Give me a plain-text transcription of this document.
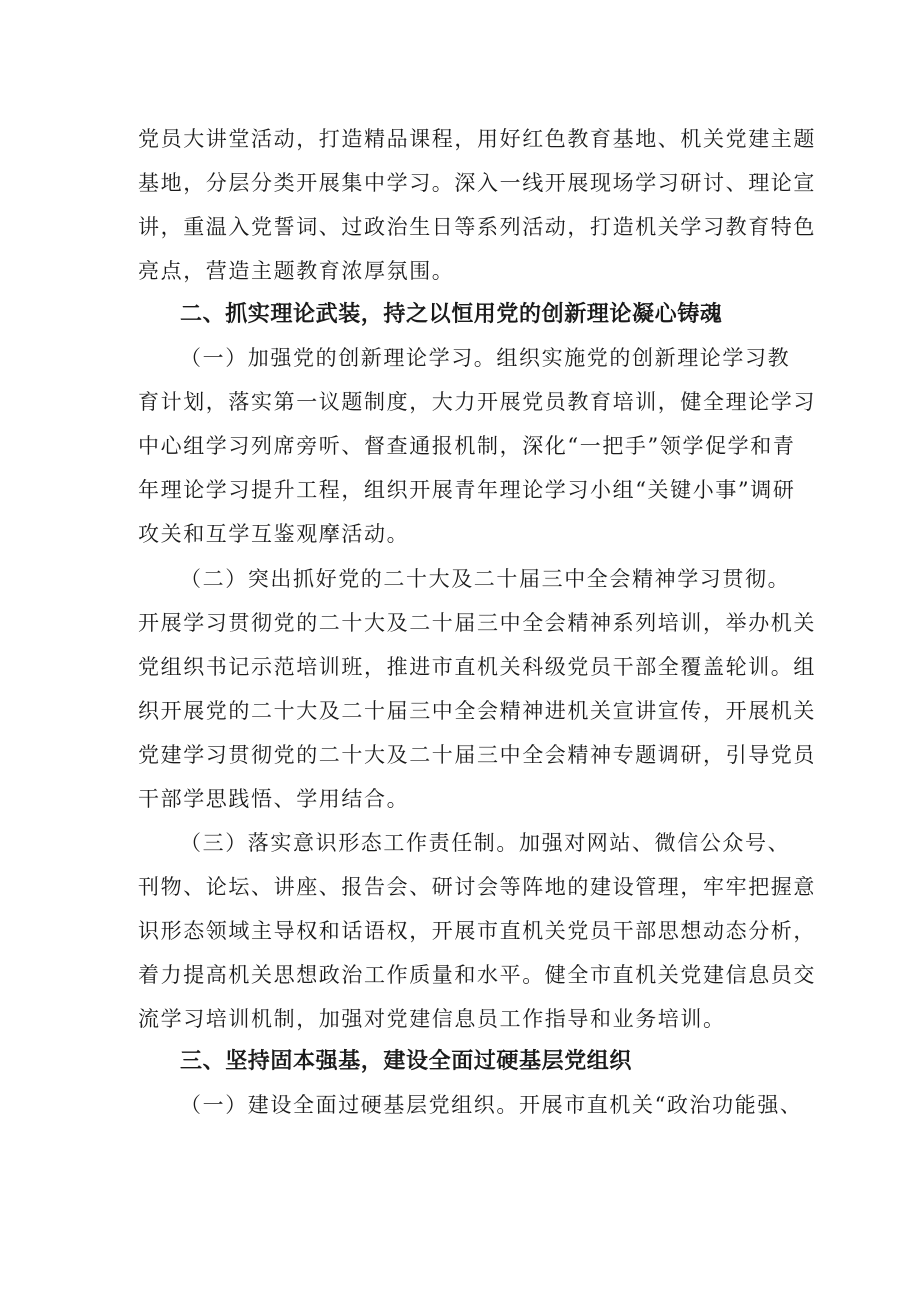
党员大讲堂活动，打造精品课程，用好红色教育基地、机关党建主题
基地，分层分类开展集中学习。深入一线开展现场学习研讨、理论宣
讲，重温入党誓词、过政治生日等系列活动，打造机关学习教育特色
亮点，营造主题教育浓厚氛围。
二、抓实理论武装，持之以恒用党的创新理论凝心铸魂
（一）加强党的创新理论学习。组织实施党的创新理论学习教
育计划，落实第一议题制度，大力开展党员教育培训，健全理论学习
中心组学习列席旁听、督查通报机制，深化“一把手”领学促学和青
年理论学习提升工程，组织开展青年理论学习小组“关键小事”调研
攻关和互学互鉴观摩活动。
（二）突出抓好党的二十大及二十届三中全会精神学习贯彻。
开展学习贯彻党的二十大及二十届三中全会精神系列培训，举办机关
党组织书记示范培训班，推进市直机关科级党员干部全覆盖轮训。组
织开展党的二十大及二十届三中全会精神进机关宣讲宣传，开展机关
党建学习贯彻党的二十大及二十届三中全会精神专题调研，引导党员
干部学思践悟、学用结合。
（三）落实意识形态工作责任制。加强对网站、微信公众号、
刊物、论坛、讲座、报告会、研讨会等阵地的建设管理，牢牢把握意
识形态领域主导权和话语权，开展市直机关党员干部思想动态分析，
着力提高机关思想政治工作质量和水平。健全市直机关党建信息员交
流学习培训机制，加强对党建信息员工作指导和业务培训。
三、坚持固本强基，建设全面过硬基层党组织
（一）建设全面过硬基层党组织。开展市直机关“政治功能强、
